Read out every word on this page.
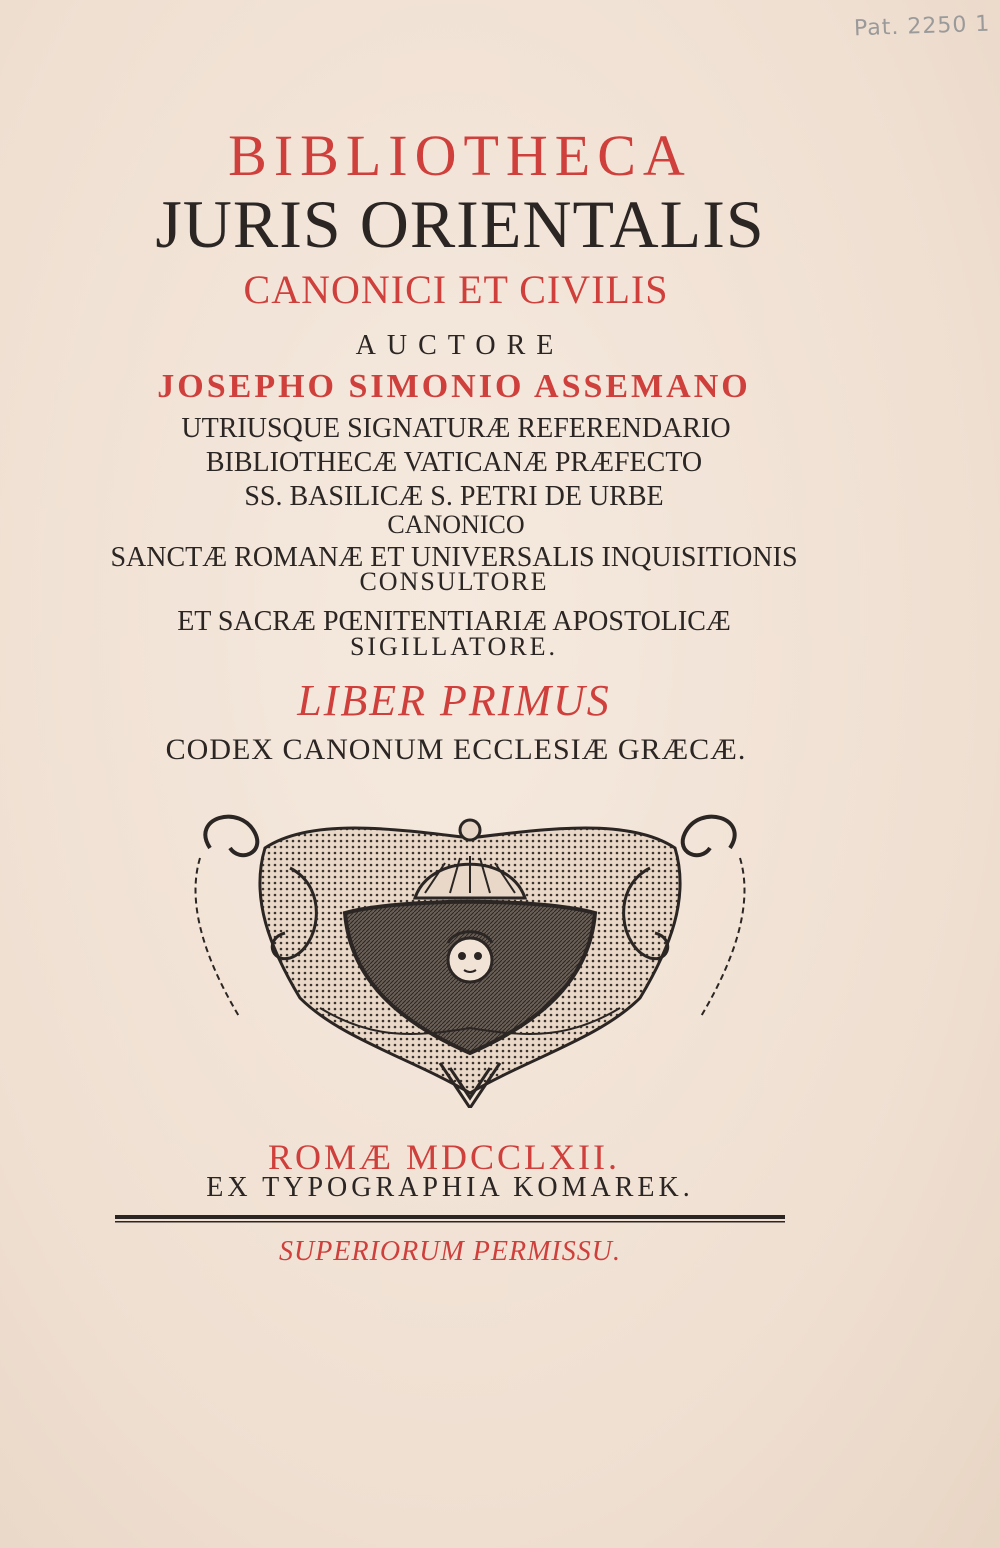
Pat. 2250 1
BIBLIOTHECA
JURIS ORIENTALIS
CANONICI ET CIVILIS
AUCTORE
JOSEPHO SIMONIO ASSEMANO
UTRIUSQUE SIGNATURÆ REFERENDARIO
BIBLIOTHECÆ VATICANÆ PRÆFECTO
SS. BASILICÆ S. PETRI DE URBE
CANONICO
SANCTÆ ROMANÆ ET UNIVERSALIS INQUISITIONIS
CONSULTORE
ET SACRÆ PŒNITENTIARIÆ APOSTOLICÆ
SIGILLATORE.
LIBER PRIMUS
CODEX CANONUM ECCLESIÆ GRÆCÆ.
ROMÆ MDCCLXII.
EX TYPOGRAPHIA KOMAREK.
SUPERIORUM PERMISSU.
